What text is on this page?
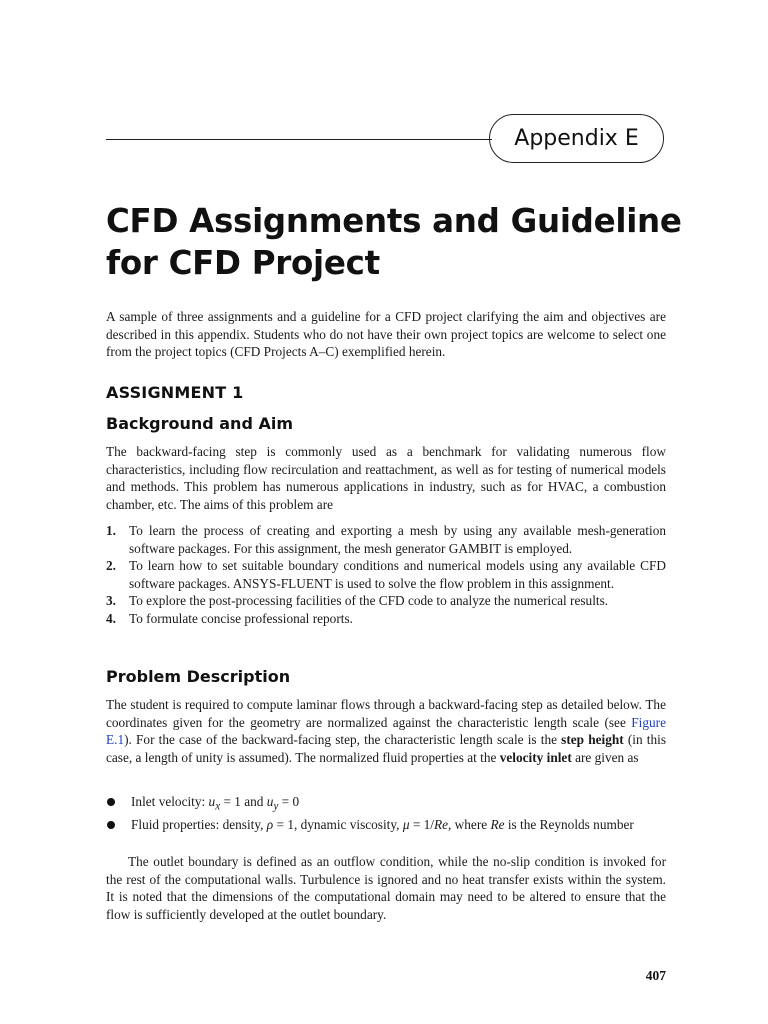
Appendix E
CFD Assignments and Guideline
for CFD Project

A sample of three assignments and a guideline for a CFD project clarifying the aim and objectives are described in this appendix. Students who do not have their own project topics are welcome to select one from the project topics (CFD Projects A–C) exemplified herein.

ASSIGNMENT 1
Background and Aim

The backward-facing step is commonly used as a benchmark for validating numerous flow characteristics, including flow recirculation and reattachment, as well as for testing of numerical models and methods. This problem has numerous applications in industry, such as for HVAC, a combustion chamber, etc. The aims of this problem are

1. To learn the process of creating and exporting a mesh by using any available mesh-generation software packages. For this assignment, the mesh generator GAMBIT is employed.
2. To learn how to set suitable boundary conditions and numerical models using any available CFD software packages. ANSYS-FLUENT is used to solve the flow problem in this assignment.
3. To explore the post-processing facilities of the CFD code to analyze the numerical results.
4. To formulate concise professional reports.
Problem Description

The student is required to compute laminar flows through a backward-facing step as detailed below. The coordinates given for the geometry are normalized against the characteristic length scale (see Figure E.1). For the case of the backward-facing step, the characteristic length scale is the step height (in this case, a length of unity is assumed). The normalized fluid properties at the velocity inlet are given as

Inlet velocity: $u_x = 1$ and $u_y = 0$
Fluid properties: density, ρ = 1, dynamic viscosity, μ = 1/Re, where Re is the Reynolds number

The outlet boundary is defined as an outflow condition, while the no-slip condition is invoked for the rest of the computational walls. Turbulence is ignored and no heat transfer exists within the system. It is noted that the dimensions of the computational domain may need to be altered to ensure that the flow is sufficiently developed at the outlet boundary.

407
